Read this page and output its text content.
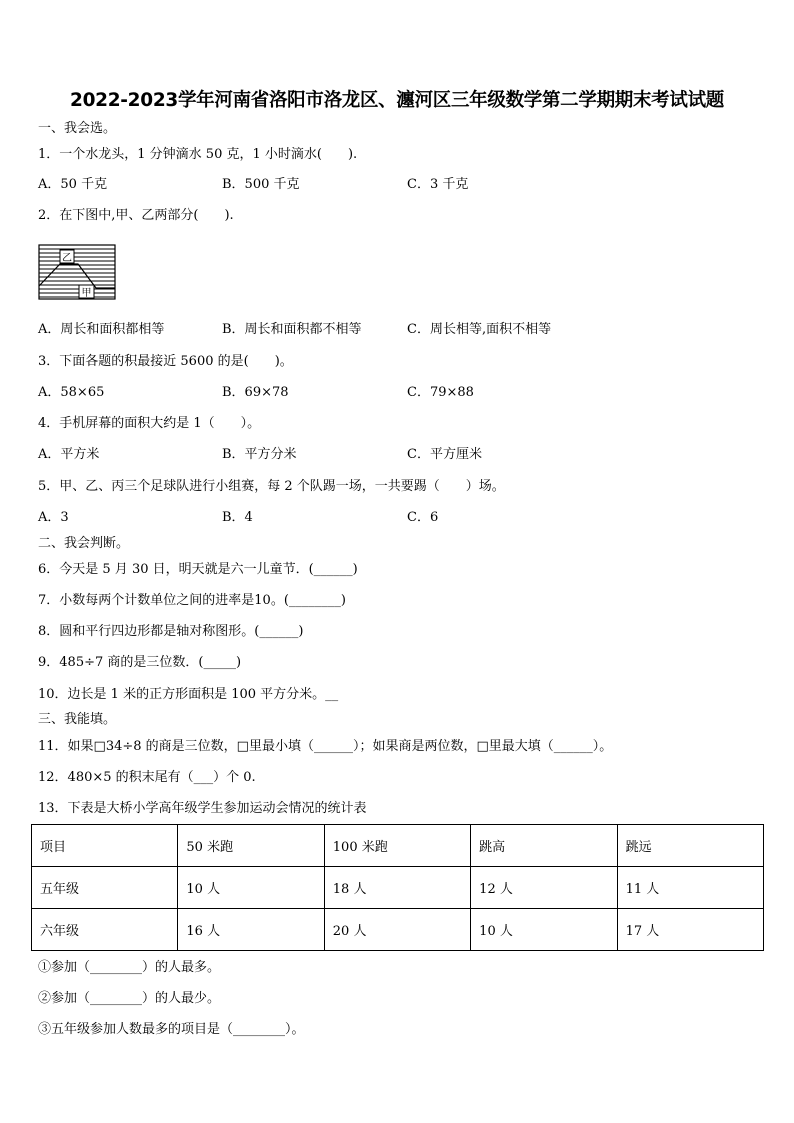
2022-2023学年河南省洛阳市洛龙区、瀍河区三年级数学第二学期期末考试试题
一、我会选。
1．一个水龙头，1 分钟滴水 50 克，1 小时滴水(　　).
A．50 千克	B．500 千克	C．3 千克
2．在下图中,甲、乙两部分(　　).
乙
甲
A．周长和面积都相等	B．周长和面积都不相等	C．周长相等,面积不相等
3．下面各题的积最接近 5600 的是(　　)。
A．58×65	B．69×78	C．79×88
4．手机屏幕的面积大约是 1（　　）。
A．平方米	B．平方分米	C．平方厘米
5．甲、乙、丙三个足球队进行小组赛，每 2 个队踢一场，一共要踢（　　）场。
A．3	B．4	C．6
二、我会判断。
6．今天是 5 月 30 日，明天就是六一儿童节．(______)
7．小数每两个计数单位之间的进率是10。(________)
8．圆和平行四边形都是轴对称图形。(______)
9．485÷7 商的是三位数．(_____)
10．边长是 1 米的正方形面积是 100 平方分米。__
三、我能填。
11．如果□34÷8 的商是三位数，□里最小填（______）；如果商是两位数，□里最大填（______）。
12．480×5 的积末尾有（___）个 0.
13．下表是大桥小学高年级学生参加运动会情况的统计表
项目	50 米跑	100 米跑	跳高	跳远
五年级	10 人	18 人	12 人	11 人
六年级	16 人	20 人	10 人	17 人
①参加（________）的人最多。
②参加（________）的人最少。
③五年级参加人数最多的项目是（________）。
